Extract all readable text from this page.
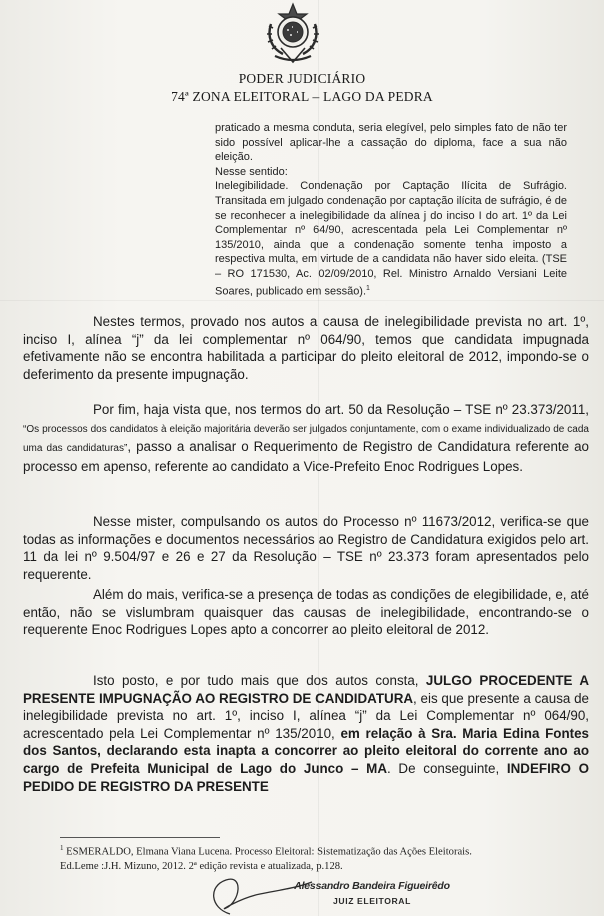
PODER JUDICIÁRIO
74ª ZONA ELEITORAL – LAGO DA PEDRA

praticado a mesma conduta, seria elegível, pelo simples fato de não ter sido possível aplicar-lhe a cassação do diploma, face a sua não eleição.

Nesse sentido:

Inelegibilidade. Condenação por Captação Ilícita de Sufrágio. Transitada em julgado condenação por captação ilícita de sufrágio, é de se reconhecer a inelegibilidade da alínea j do inciso I do art. 1º da Lei Complementar nº 64/90, acrescentada pela Lei Complementar nº 135/2010, ainda que a condenação somente tenha imposto a respectiva multa, em virtude de a candidata não haver sido eleita. (TSE – RO 171530, Ac. 02/09/2010, Rel. Ministro Arnaldo Versiani Leite Soares, publicado em sessão).$^1$

Nestes termos, provado nos autos a causa de inelegibilidade prevista no art. 1º, inciso I, alínea “j” da lei complementar nº 064/90, temos que candidata impugnada efetivamente não se encontra habilitada a participar do pleito eleitoral de 2012, impondo-se o deferimento da presente impugnação.

Por fim, haja vista que, nos termos do art. 50 da Resolução – TSE nº 23.373/2011, “Os processos dos candidatos à eleição majoritária deverão ser julgados conjuntamente, com o exame individualizado de cada uma das candidaturas”, passo a analisar o Requerimento de Registro de Candidatura referente ao processo em apenso, referente ao candidato a Vice-Prefeito Enoc Rodrigues Lopes.

Nesse mister, compulsando os autos do Processo nº 11673/2012, verifica-se que todas as informações e documentos necessários ao Registro de Candidatura exigidos pelo art. 11 da lei nº 9.504/97 e 26 e 27 da Resolução – TSE nº 23.373 foram apresentados pelo requerente.

Além do mais, verifica-se a presença de todas as condições de elegibilidade, e, até então, não se vislumbram quaisquer das causas de inelegibilidade, encontrando-se o requerente Enoc Rodrigues Lopes apto a concorrer ao pleito eleitoral de 2012.

Isto posto, e por tudo mais que dos autos consta, JULGO PROCEDENTE A PRESENTE IMPUGNAÇÃO AO REGISTRO DE CANDIDATURA, eis que presente a causa de inelegibilidade prevista no art. 1º, inciso I, alínea “j” da Lei Complementar nº 064/90, acrescentado pela Lei Complementar nº 135/2010, em relação à Sra. Maria Edina Fontes dos Santos, declarando esta inapta a concorrer ao pleito eleitoral do corrente ano ao cargo de Prefeita Municipal de Lago do Junco – MA. De conseguinte, INDEFIRO O PEDIDO DE REGISTRO DA PRESENTE

$^1$ ESMERALDO, Elmana Viana Lucena. Processo Eleitoral: Sistematização das Ações Eleitorais.
Ed.Leme :J.H. Mizuno, 2012. 2ª edição revista e atualizada, p.128.
Alessandro Bandeira Figueirêdo
JUIZ ELEITORAL
